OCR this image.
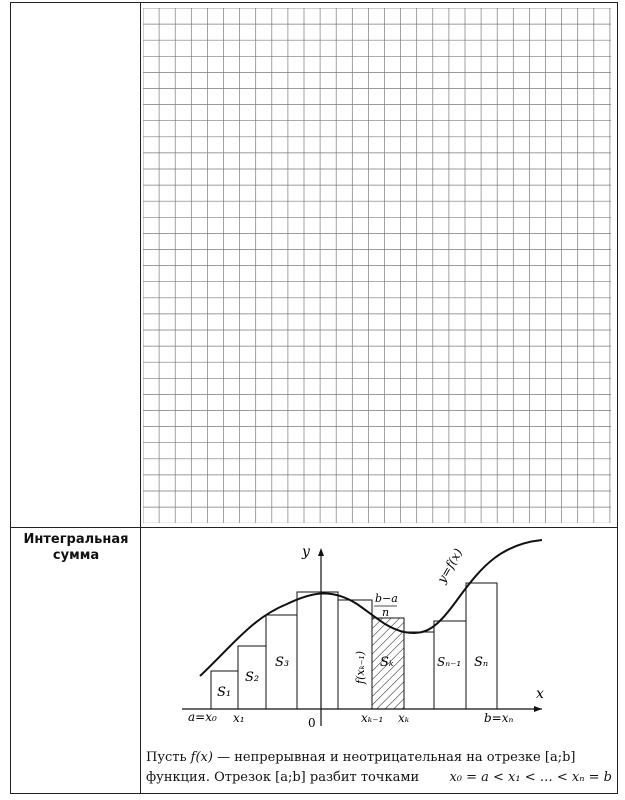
Интегральная
сумма
x
y	y=f(x)
S₁
S₂
S₃	Sₖ	Sₙ₋₁ Sₙ
f(xₖ₋₁)
b−a
n
a=x₀ x₁	0	xₖ₋₁ xₖ	b=xₙ
Пусть f(x) — непрерывная и неотрицательная на отрезке [a;b]
функция. Отрезок [a;b] разбит точками x₀ = a < x₁ < … < xₙ = b
